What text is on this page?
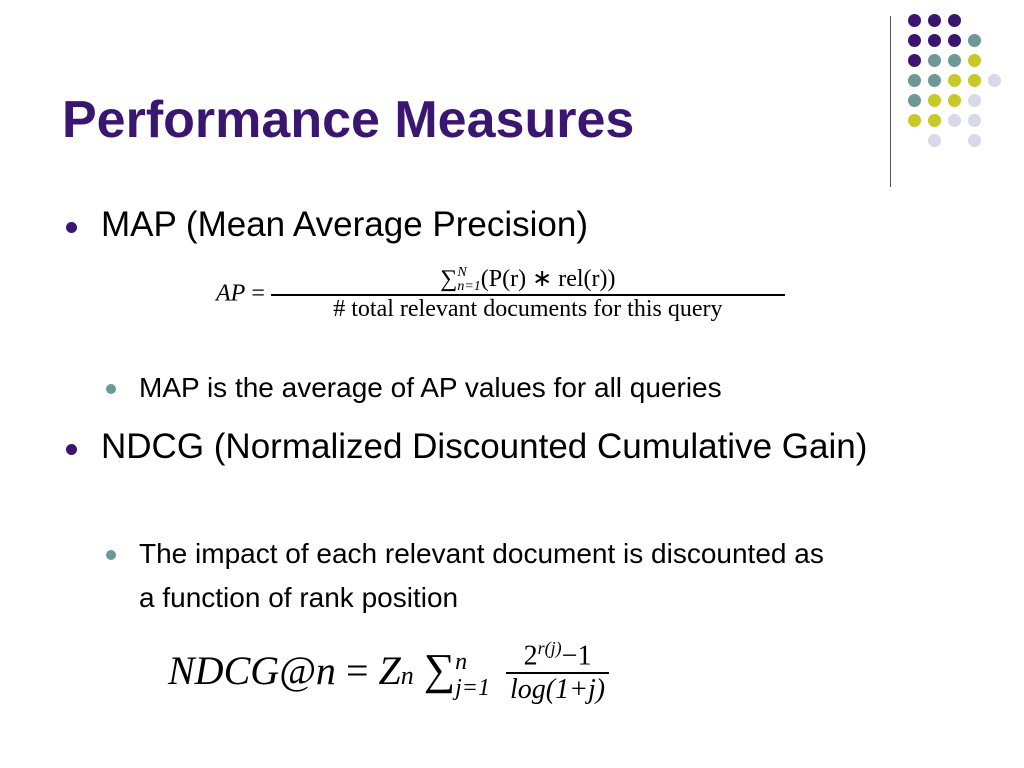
Performance Measures
MAP (Mean Average Precision)
AP = ∑ N
n=1 (P(r) ∗ rel(r))
# total relevant documents for this query
MAP is the average of AP values for all queries
NDCG (Normalized Discounted Cumulative Gain)
The impact of each relevant document is discounted as a function of rank position
NDCG@n = Zn ∑ n
j=1
$\frac{2^{r(j)}-1}{\log(1+j)}$
